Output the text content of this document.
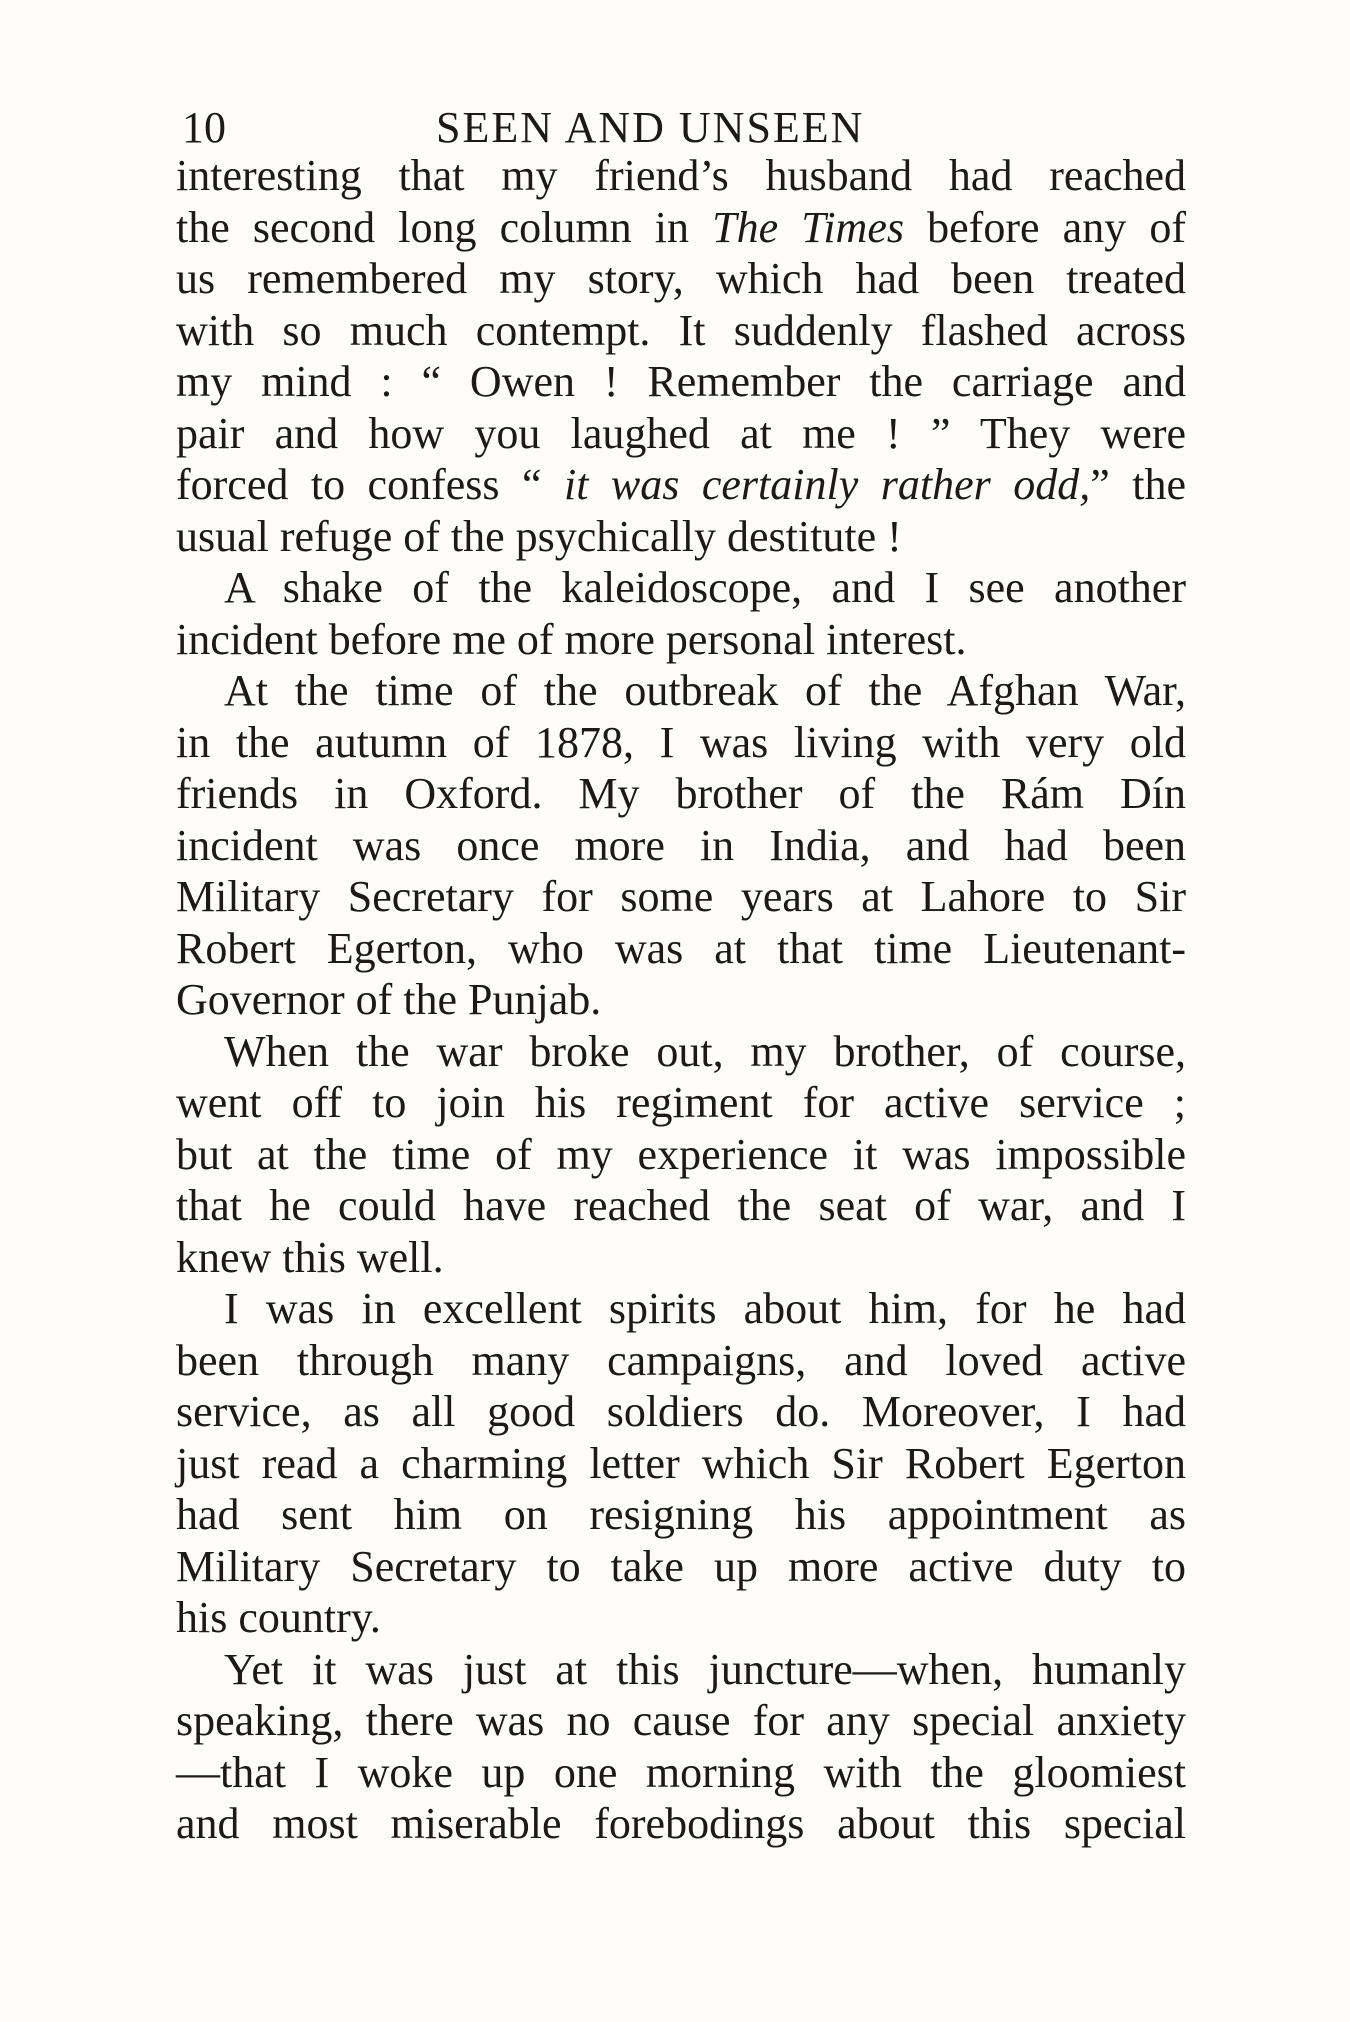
10	SEEN AND UNSEEN
interesting that my friend’s husband had reached
the second long column in The Times before any of
us remembered my story, which had been treated
with so much contempt. It suddenly flashed across
my mind : “ Owen ! Remember the carriage and
pair and how you laughed at me ! ” They were
forced to confess “ it was certainly rather odd,” the
usual refuge of the psychically destitute !
A shake of the kaleidoscope, and I see another
incident before me of more personal interest.
At the time of the outbreak of the Afghan War,
in the autumn of 1878, I was living with very old
friends in Oxford. My brother of the Rám Dín
incident was once more in India, and had been
Military Secretary for some years at Lahore to Sir
Robert Egerton, who was at that time Lieutenant-
Governor of the Punjab.
When the war broke out, my brother, of course,
went off to join his regiment for active service ;
but at the time of my experience it was impossible
that he could have reached the seat of war, and I
knew this well.
I was in excellent spirits about him, for he had
been through many campaigns, and loved active
service, as all good soldiers do. Moreover, I had
just read a charming letter which Sir Robert Egerton
had sent him on resigning his appointment as
Military Secretary to take up more active duty to
his country.
Yet it was just at this juncture—when, humanly
speaking, there was no cause for any special anxiety
—that I woke up one morning with the gloomiest
and most miserable forebodings about this special
